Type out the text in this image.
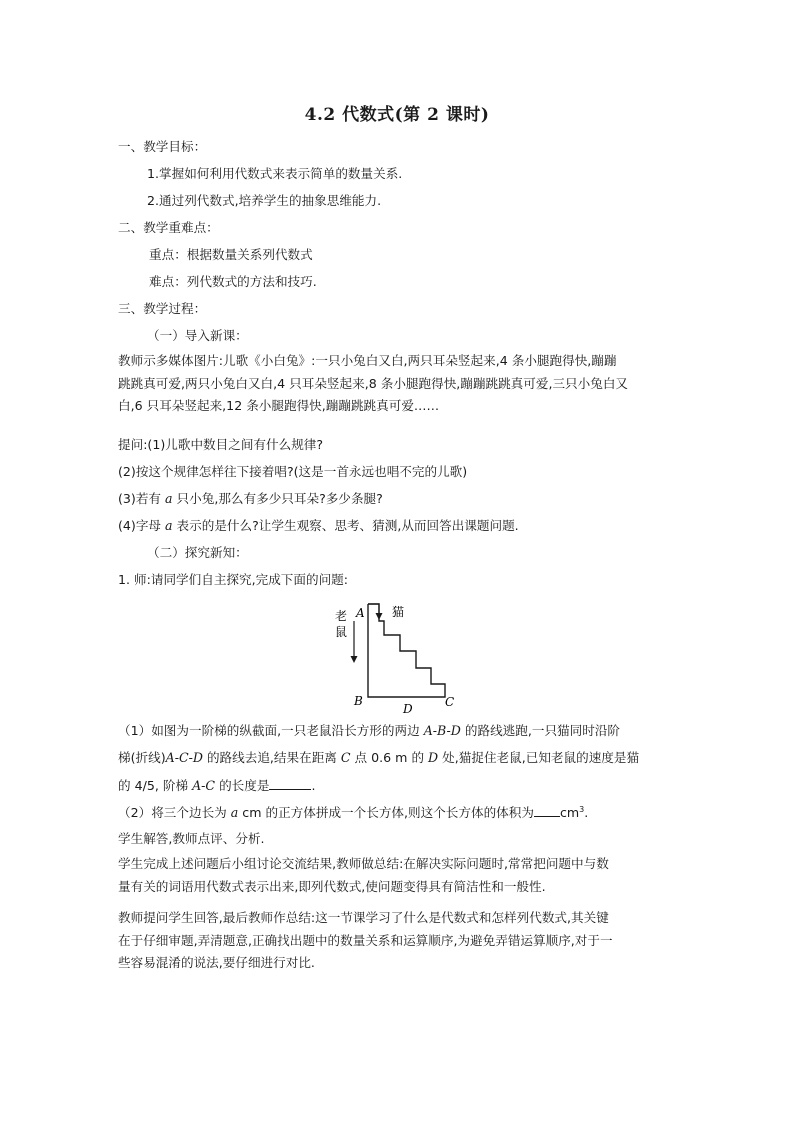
4.2 代数式(第 2 课时)
一、教学目标：
1.掌握如何利用代数式来表示简单的数量关系.
2.通过列代数式,培养学生的抽象思维能力.
二、教学重难点：
重点：根据数量关系列代数式
难点：列代数式的方法和技巧.
三、教学过程：
（一）导入新课：
教师示多媒体图片:儿歌《小白兔》:一只小兔白又白,两只耳朵竖起来,4 条小腿跑得快,蹦蹦
跳跳真可爱,两只小兔白又白,4 只耳朵竖起来,8 条小腿跑得快,蹦蹦跳跳真可爱,三只小兔白又
白,6 只耳朵竖起来,12 条小腿跑得快,蹦蹦跳跳真可爱……
提问:(1)儿歌中数目之间有什么规律?
(2)按这个规律怎样往下接着唱?(这是一首永远也唱不完的儿歌)
(3)若有 a 只小兔,那么有多少只耳朵?多少条腿?
(4)字母 a 表示的是什么?让学生观察、思考、猜测,从而回答出课题问题.
（二）探究新知：
1. 师:请同学们自主探究,完成下面的问题:
老
鼠
A 猫
B
D	C
（1）如图为一阶梯的纵截面,一只老鼠沿长方形的两边 A-B-D 的路线逃跑,一只猫同时沿阶
梯(折线)A-C-D 的路线去追,结果在距离 C 点 0.6 m 的 D 处,猫捉住老鼠,已知老鼠的速度是猫
的 4/5, 阶梯 A-C 的长度是	.
（2）将三个边长为 a cm 的正方体拼成一个长方体,则这个长方体的体积为 $cm^3$.
学生解答,教师点评、分析.
学生完成上述问题后小组讨论交流结果,教师做总结:在解决实际问题时,常常把问题中与数
量有关的词语用代数式表示出来,即列代数式,使问题变得具有简洁性和一般性.
教师提问学生回答,最后教师作总结:这一节课学习了什么是代数式和怎样列代数式,其关键
在于仔细审题,弄清题意,正确找出题中的数量关系和运算顺序,为避免弄错运算顺序,对于一
些容易混淆的说法,要仔细进行对比.
